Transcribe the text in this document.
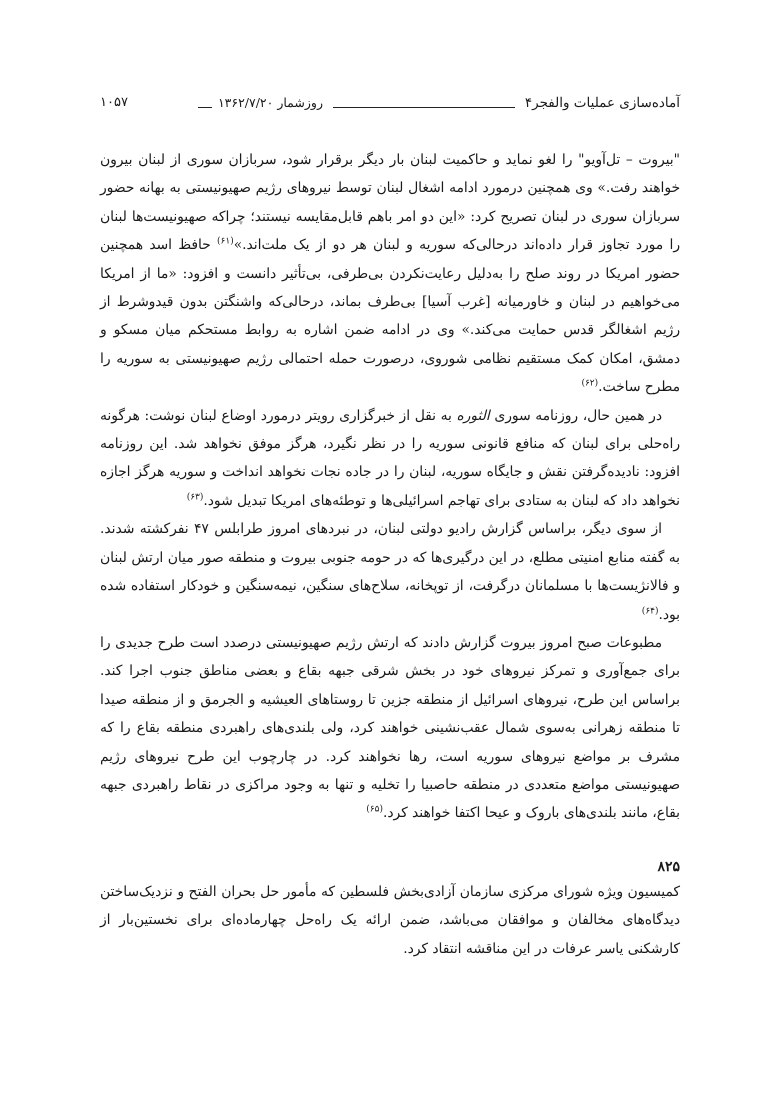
آماده‌سازی عملیات والفجر۴
روزشمار ۱۳۶۲/۷/۲۰
۱۰۵۷

"بیروت – تل‌آویو" را لغو نماید و حاکمیت لبنان بار دیگر برقرار شود، سربازان سوری از لبنان بیرون خواهند رفت.» وی همچنین درمورد ادامه اشغال لبنان توسط نیروهای رژیم صهیونیستی به بهانه حضور سربازان سوری در لبنان تصریح کرد: «این دو امر باهم قابل‌مقایسه نیستند؛ چراکه صهیونیست‌ها لبنان را مورد تجاوز قرار داده‌اند درحالی‌که سوریه و لبنان هر دو از یک ملت‌اند.»$^{(۶۱)}$ حافظ اسد همچنین حضور امریکا در روند صلح را به‌دلیل رعایت‌نکردن بی‌طرفی، بی‌تأثیر دانست و افزود: «ما از امریکا می‌خواهیم در لبنان و خاورمیانه [غرب آسیا] بی‌طرف بماند، درحالی‌که واشنگتن بدون قیدوشرط از رژیم اشغالگر قدس حمایت می‌کند.» وی در ادامه ضمن اشاره به روابط مستحکم میان مسکو و دمشق، امکان کمک مستقیم نظامی شوروی، درصورت حمله احتمالی رژیم صهیونیستی به سوریه را مطرح ساخت.$^{(۶۲)}$

در همین حال، روزنامه سوری الثوره به نقل از خبرگزاری رویتر درمورد اوضاع لبنان نوشت: هرگونه راه‌حلی برای لبنان که منافع قانونی سوریه را در نظر نگیرد، هرگز موفق نخواهد شد. این روزنامه افزود: نادیده‌گرفتن نقش و جایگاه سوریه، لبنان را در جاده نجات نخواهد انداخت و سوریه هرگز اجازه نخواهد داد که لبنان به ستادی برای تهاجم اسرائیلی‌ها و توطئه‌های امریکا تبدیل شود.$^{(۶۳)}$

از سوی دیگر، براساس گزارش رادیو دولتی لبنان، در نبردهای امروز طرابلس ۴۷ نفرکشته شدند. به گفته منابع امنیتی مطلع، در این درگیری‌ها که در حومه جنوبی بیروت و منطقه صور میان ارتش لبنان و فالانژیست‌ها با مسلمانان درگرفت، از توپخانه، سلاح‌های سنگین، نیمه‌سنگین و خودکار استفاده شده بود.$^{(۶۴)}$

مطبوعات صبح امروز بیروت گزارش دادند که ارتش رژیم صهیونیستی درصدد است طرح جدیدی را برای جمع‌آوری و تمرکز نیروهای خود در بخش شرقی جبهه بقاع و بعضی مناطق جنوب اجرا کند. براساس این طرح، نیروهای اسرائیل از منطقه جزین تا روستاهای العیشیه و الجرمق و از منطقه صیدا تا منطقه زهرانی به‌سوی شمال عقب‌نشینی خواهند کرد، ولی بلندی‌های راهبردی منطقه بقاع را که مشرف بر مواضع نیروهای سوریه است، رها نخواهند کرد. در چارچوب این طرح نیروهای رژیم صهیونیستی مواضع متعددی در منطقه حاصبیا را تخلیه و تنها به وجود مراکزی در نقاط راهبردی جبهه بقاع، مانند بلندی‌های باروک و عیحا اکتفا خواهند کرد.$^{(۶۵)}$

۸۲۵

کمیسیون ویژه شورای مرکزی سازمان آزادی‌بخش فلسطین که مأمور حل بحران الفتح و نزدیک‌ساختن دیدگاه‌های مخالفان و موافقان می‌باشد، ضمن ارائه یک راه‌حل چهارماده‌ای برای نخستین‌بار از کارشکنی یاسر عرفات در این مناقشه انتقاد کرد.
